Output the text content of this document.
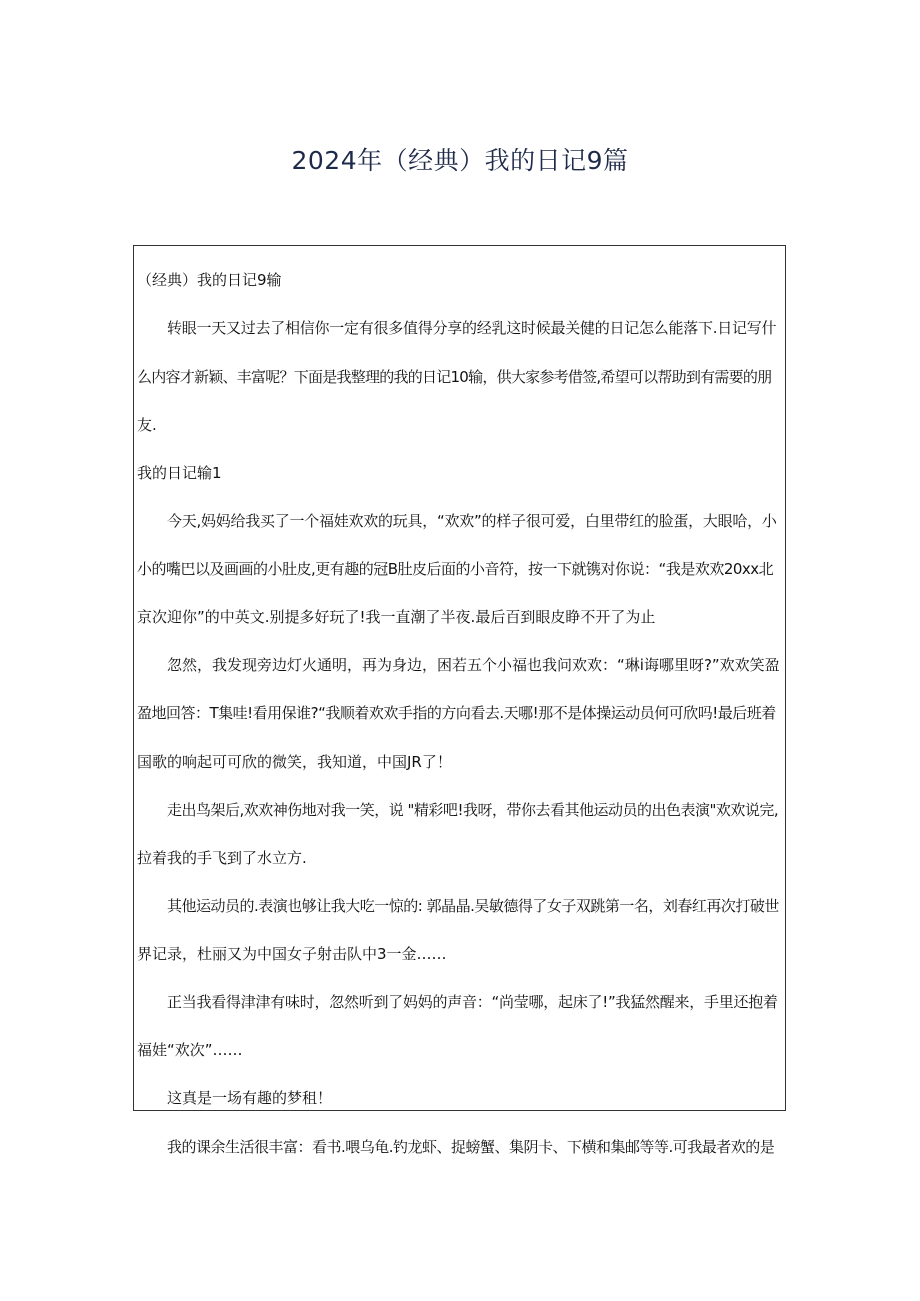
2024年（经典）我的日记9篇
（经典）我的日记9输
转眼一天又过去了相信你一定有很多值得分享的经乳这时候最关健的日记怎么能落下.日记写什
么内容才新颖、丰富呢？下面是我整理的我的日记10输，供大家参考借签,希望可以帮助到有需要的朋
友.
我的日记输1
今天,妈妈给我买了一个福娃欢欢的玩具，“欢欢”的样子很可爱，白里带红的脸蛋，大眼哈，小
小的嘴巴以及画画的小肚皮,更有趣的冠B肚皮后面的小音符，按一下就镌对你说：“我是欢欢20xx北
京次迎你”的中英文.别提多好玩了!我一直潮了半夜.最后百到眼皮睁不开了为止
忽然，我发现旁边灯火通明，再为身边，困若五个小福也我问欢欢：“琳i诲哪里呀?”欢欢笑盈
盈地回答：T集哇!看用保谁?“我顺着欢欢手指的方向看去.天哪!那不是体操运动员何可欣吗!最后班着
国歌的响起可可欣的微笑，我知道，中国JR了！
走出鸟架后,欢欢神伤地对我一笑，说 "精彩吧!我呀，带你去看其他运动员的出色表演"欢欢说完,
拉着我的手飞到了水立方.
其他运动员的.表演也够让我大吃一惊的: 郭晶晶.吴敏德得了女子双跳第一名，刘春红再次打破世
界记录，杜丽又为中国女子射击队中3一金……
正当我看得津津有味时，忽然听到了妈妈的声音：“尚莹哪，起床了!”我猛然醒来，手里还抱着
福娃“欢次”……
这真是一场有趣的梦租！
我的课余生活很丰富：看书.喂乌龟.钓龙虾、捉螃蟹、集阴卡、下横和集邮等等.可我最者欢的是
